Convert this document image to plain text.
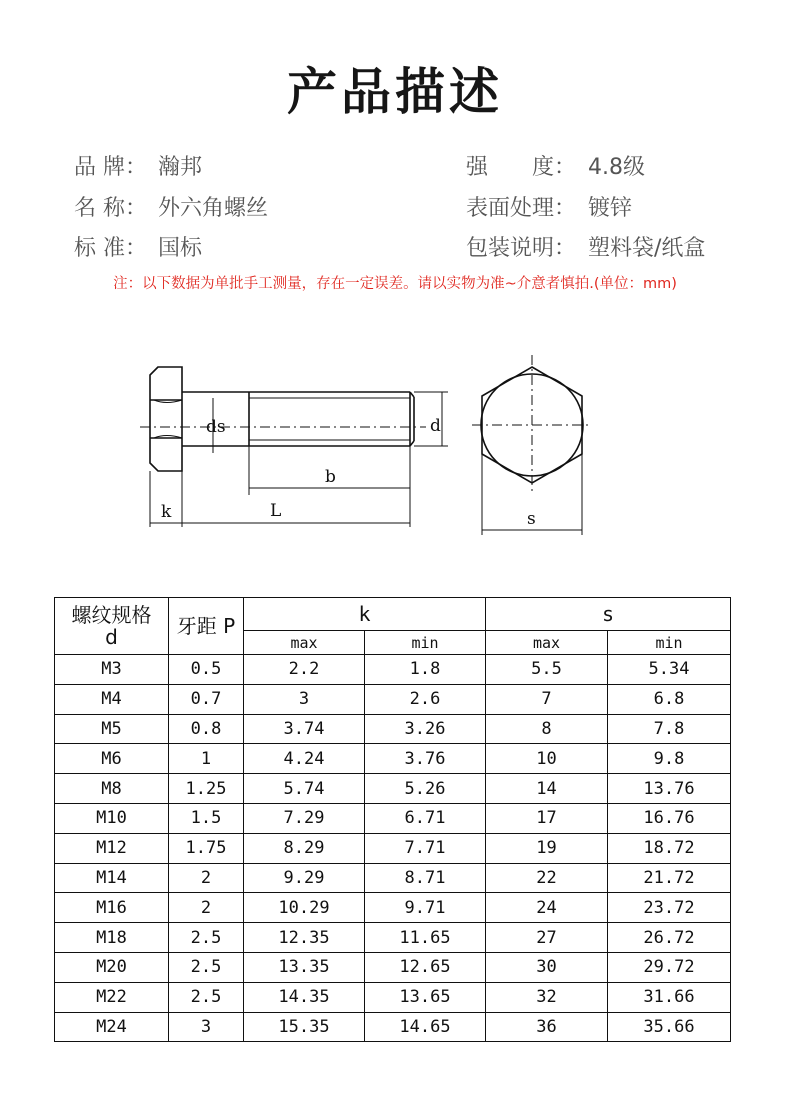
产品描述
品 牌： 瀚邦
名 称： 外六角螺丝
标 准： 国标
强　　度： 4.8级
表面处理： 镀锌
包装说明： 塑料袋/纸盒
注：以下数据为单批手工测量，存在一定误差。请以实物为准~介意者慎拍.(单位：mm)
ds	d
b
k	L	s
螺纹规格
d	牙距 P	k		s	
		max	min	max	min
M3	0.5	2.2	1.8	5.5	5.34
M4	0.7	3	2.6	7	6.8
M5	0.8	3.74	3.26	8	7.8
M6	1	4.24	3.76	10	9.8
M8	1.25	5.74	5.26	14	13.76
M10	1.5	7.29	6.71	17	16.76
M12	1.75	8.29	7.71	19	18.72
M14	2	9.29	8.71	22	21.72
M16	2	10.29	9.71	24	23.72
M18	2.5	12.35	11.65	27	26.72
M20	2.5	13.35	12.65	30	29.72
M22	2.5	14.35	13.65	32	31.66
M24	3	15.35	14.65	36	35.66
